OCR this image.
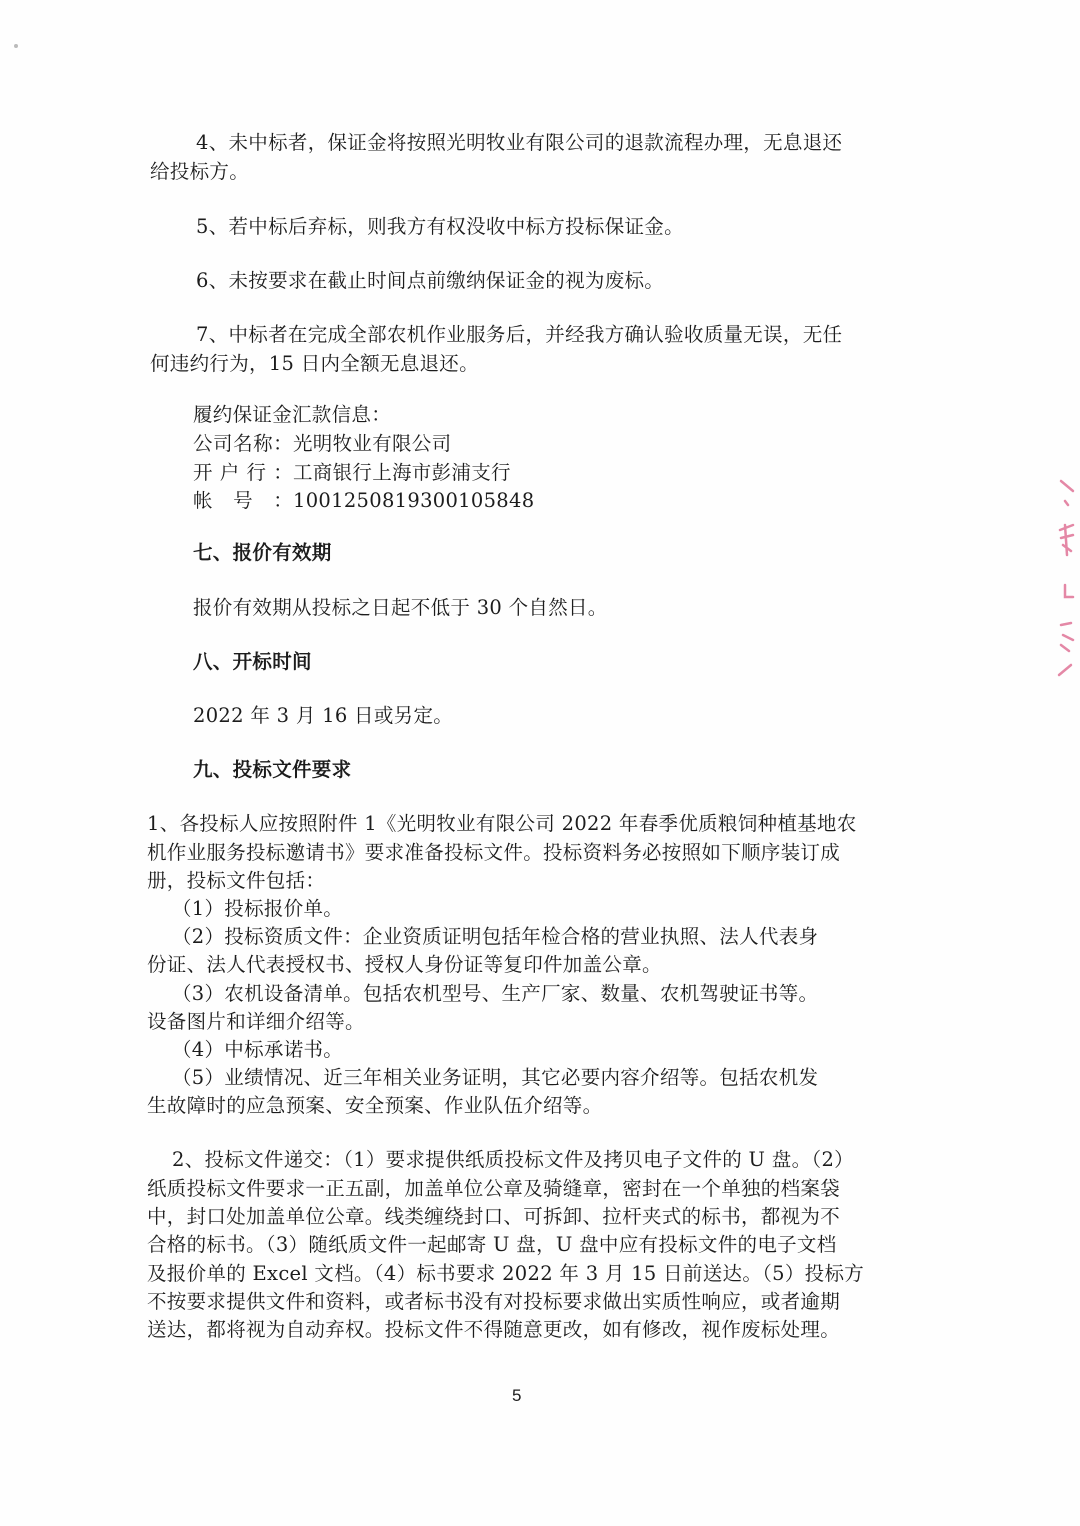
4、未中标者，保证金将按照光明牧业有限公司的退款流程办理，无息退还
给投标方。
5、若中标后弃标，则我方有权没收中标方投标保证金。
6、未按要求在截止时间点前缴纳保证金的视为废标。
7、中标者在完成全部农机作业服务后，并经我方确认验收质量无误，无任
何违约行为，15 日内全额无息退还。
履约保证金汇款信息：
公司名称：光明牧业有限公司
开户行：工商银行上海市彭浦支行
帐号：1001250819300105848
七、报价有效期
报价有效期从投标之日起不低于 30 个自然日。
八、开标时间
2022 年 3 月 16 日或另定。
九、投标文件要求
1、各投标人应按照附件 1《光明牧业有限公司 2022 年春季优质粮饲种植基地农
机作业服务投标邀请书》要求准备投标文件。投标资料务必按照如下顺序装订成
册，投标文件包括：
（1）投标报价单。
（2）投标资质文件：企业资质证明包括年检合格的营业执照、法人代表身
份证、法人代表授权书、授权人身份证等复印件加盖公章。
（3）农机设备清单。包括农机型号、生产厂家、数量、农机驾驶证书等。
设备图片和详细介绍等。
（4）中标承诺书。
（5）业绩情况、近三年相关业务证明，其它必要内容介绍等。包括农机发
生故障时的应急预案、安全预案、作业队伍介绍等。
2、投标文件递交：（1）要求提供纸质投标文件及拷贝电子文件的 U 盘。（2）
纸质投标文件要求一正五副，加盖单位公章及骑缝章，密封在一个单独的档案袋
中，封口处加盖单位公章。线类缠绕封口、可拆卸、拉杆夹式的标书，都视为不
合格的标书。（3）随纸质文件一起邮寄 U 盘，U 盘中应有投标文件的电子文档
及报价单的 Excel 文档。（4）标书要求 2022 年 3 月 15 日前送达。（5）投标方
不按要求提供文件和资料，或者标书没有对投标要求做出实质性响应，或者逾期
送达，都将视为自动弃权。投标文件不得随意更改，如有修改，视作废标处理。
5
